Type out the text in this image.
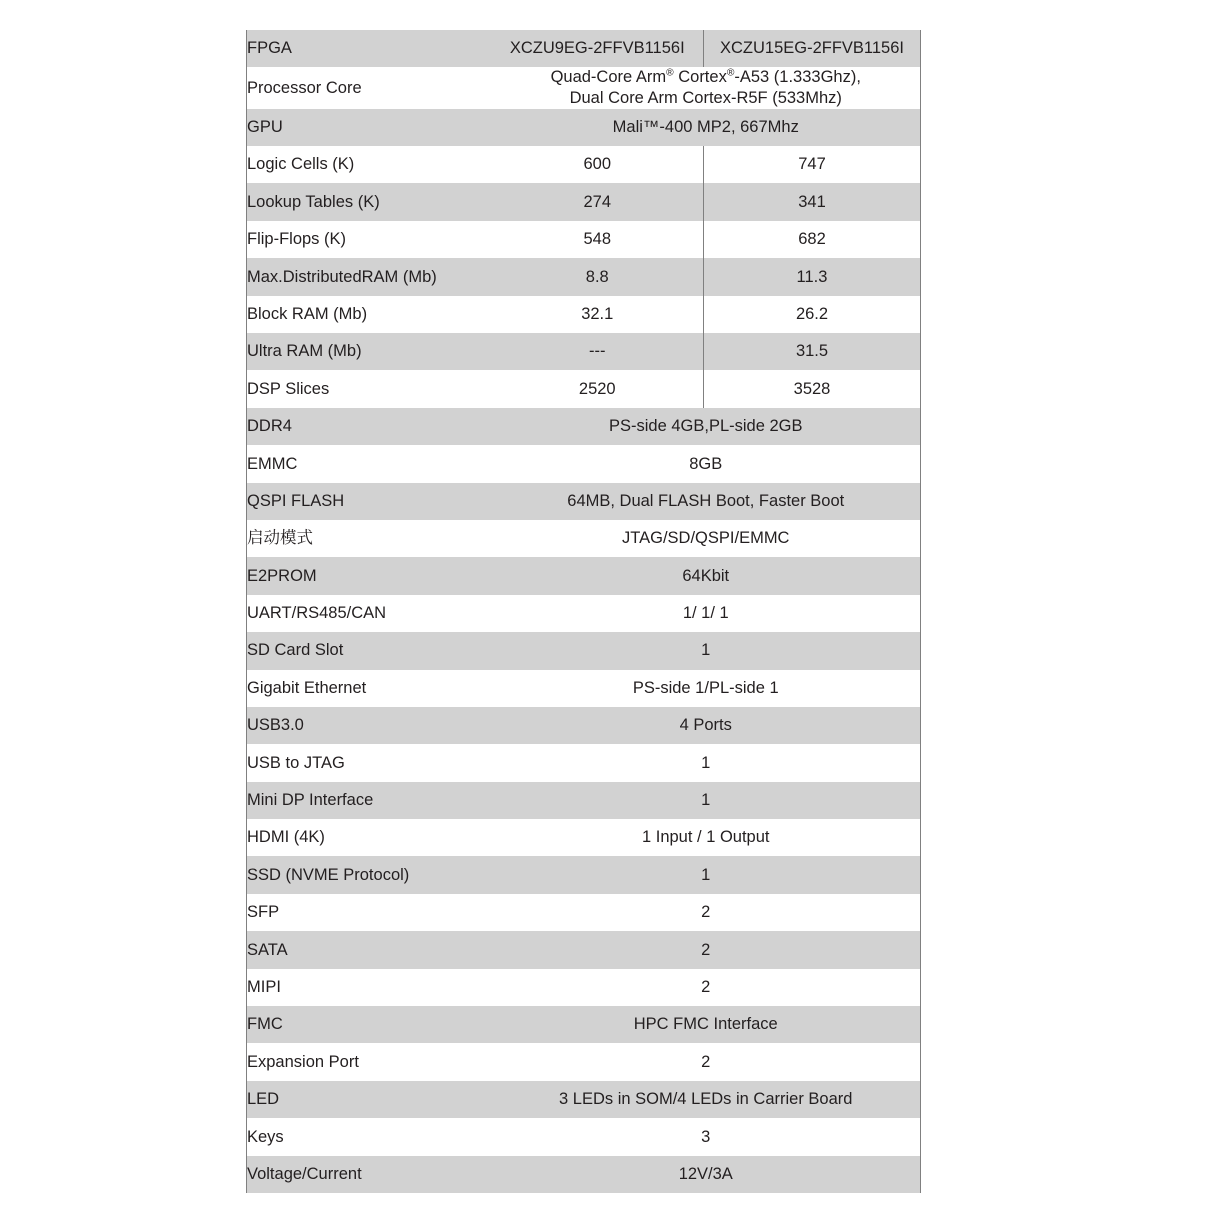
FPGA	XCZU9EG-2FFVB1156I	XCZU15EG-2FFVB1156I
Processor Core	Quad-Core Arm® Cortex®-A53 (1.333Ghz),
Dual Core Arm Cortex-R5F (533Mhz)	

GPU	Mali™-400 MP2, 667Mhz	
Logic Cells (K)	600	747
Lookup Tables (K)	274	341
Flip-Flops (K)	548	682
Max.DistributedRAM (Mb)	8.8	11.3
Block RAM (Mb)	32.1	26.2
Ultra RAM (Mb)	---	31.5
DSP Slices	2520	3528
DDR4	PS-side 4GB,PL-side 2GB	
EMMC	8GB	
QSPI FLASH	64MB, Dual FLASH Boot, Faster Boot	
启动模式	JTAG/SD/QSPI/EMMC	
E2PROM	64Kbit	
UART/RS485/CAN	1/ 1/ 1	
SD Card Slot	1	
Gigabit Ethernet	PS-side 1/PL-side 1	
USB3.0	4 Ports	
USB to JTAG	1	
Mini DP Interface	1	
HDMI (4K)	1 Input / 1 Output	
SSD (NVME Protocol)	1	
SFP	2	
SATA	2	
MIPI	2	
FMC	HPC FMC Interface	
Expansion Port	2	
LED	3 LEDs in SOM/4 LEDs in Carrier Board	
Keys	3	
Voltage/Current	12V/3A	
